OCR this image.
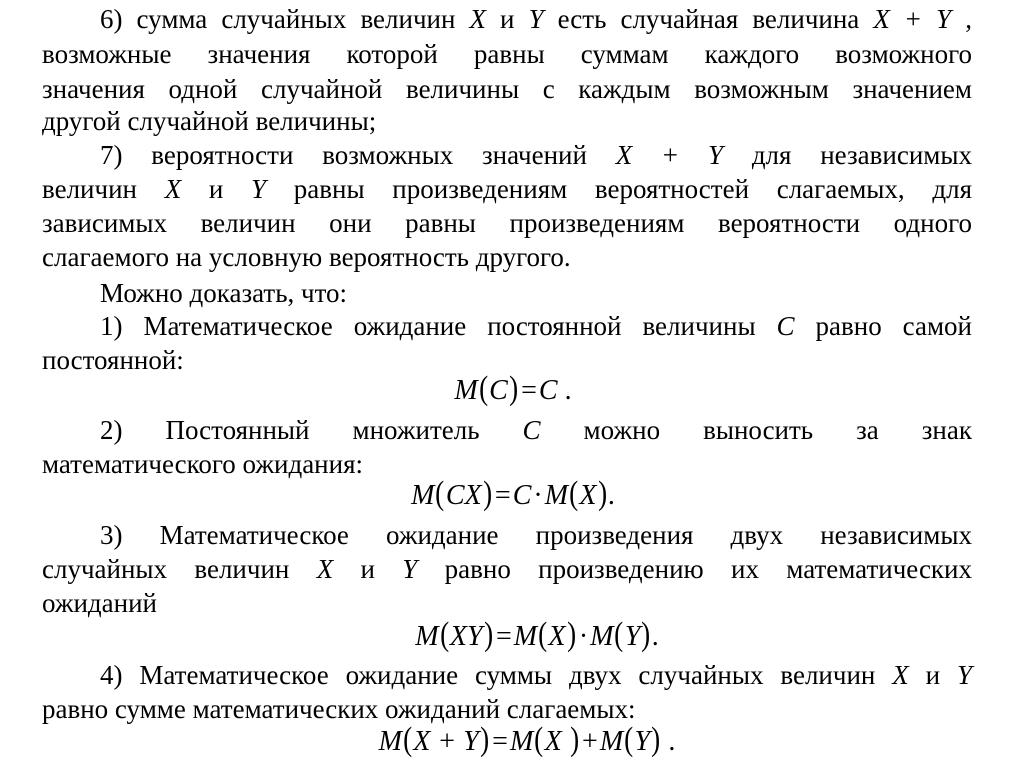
6) сумма случайных величин X и Y есть случайная величина X + Y ,
возможные значения которой равны суммам каждого возможного
значения одной случайной величины с каждым возможным значением
другой случайной величины;
7) вероятности возможных значений X + Y для независимых
величин X и Y равны произведениям вероятностей слагаемых, для
зависимых величин они равны произведениям вероятности одного
слагаемого на условную вероятность другого.
Можно доказать, что:
1) Математическое ожидание постоянной величины C равно самой
постоянной:
M(C) =C .
2) Постоянный множитель C можно выносить за знак
математического ожидания:
M(CX) =C·M(X).
3) Математическое ожидание произведения двух независимых
случайных величин X и Y равно произведению их математических
ожиданий
M(XY) =M(X) ·M(Y).
4) Математическое ожидание суммы двух случайных величин X и Y
равно сумме математических ожиданий слагаемых:
M(X + Y) =M(X ) +M(Y) .
